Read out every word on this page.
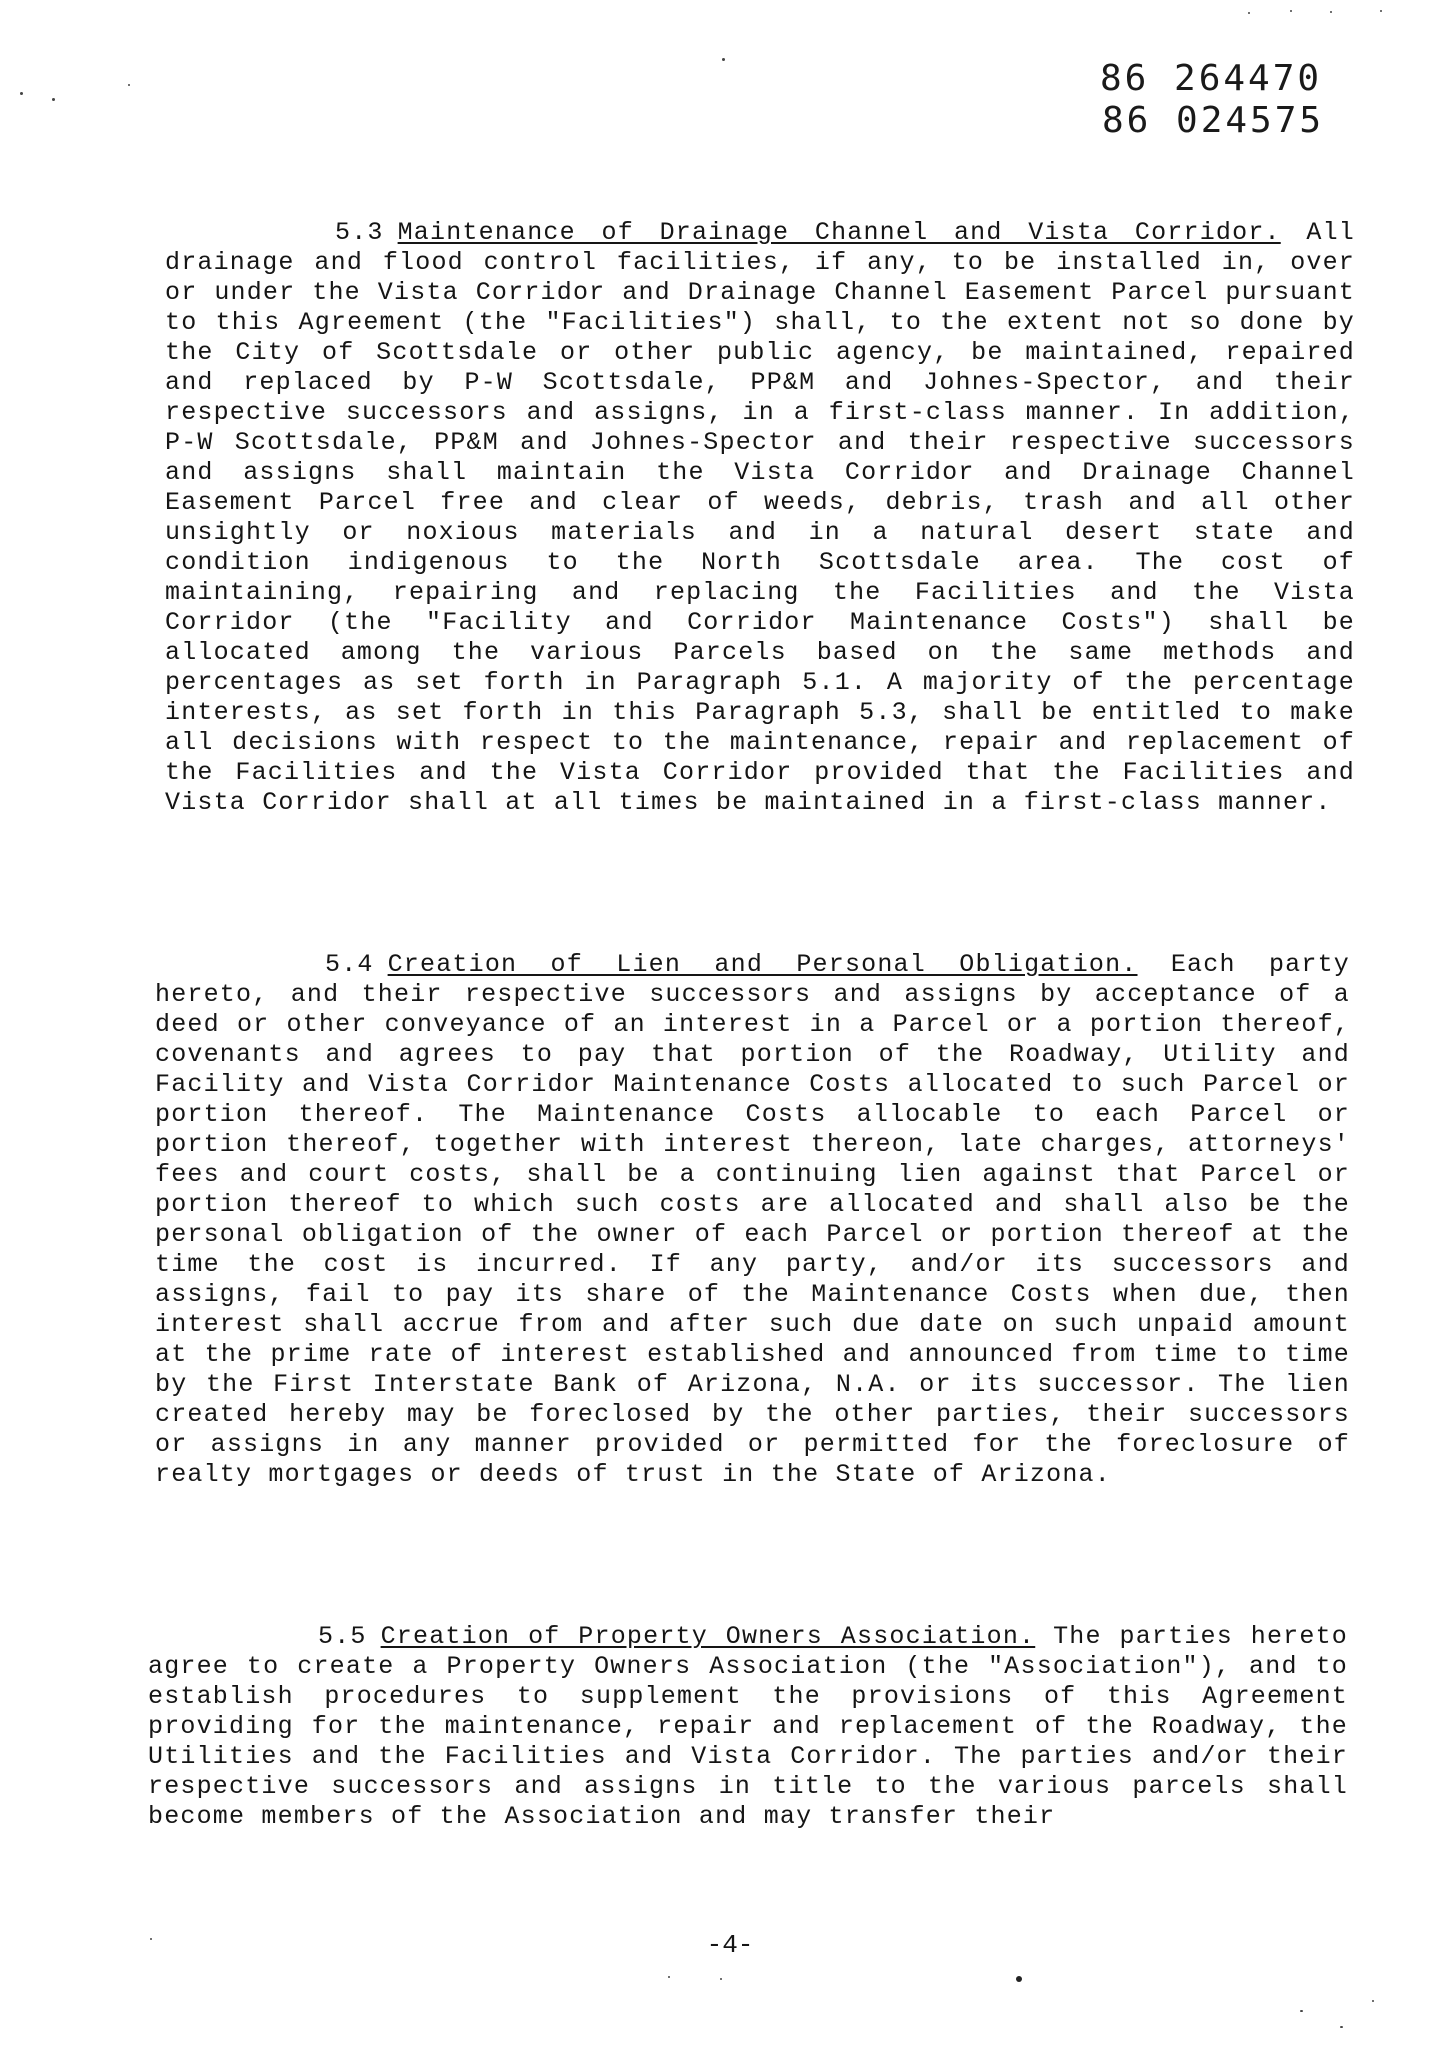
86 264470
86 024575

5.3 Maintenance of Drainage Channel and Vista Corridor. All drainage and flood control facilities, if any, to be installed in, over or under the Vista Corridor and Drainage Channel Easement Parcel pursuant to this Agreement (the "Facilities") shall, to the extent not so done by the City of Scottsdale or other public agency, be maintained, repaired and replaced by P-W Scottsdale, PP&M and Johnes-Spector, and their respective successors and assigns, in a first-class manner. In addition, P-W Scottsdale, PP&M and Johnes-Spector and their respective successors and assigns shall maintain the Vista Corridor and Drainage Channel Easement Parcel free and clear of weeds, debris, trash and all other unsightly or noxious materials and in a natural desert state and condition indigenous to the North Scottsdale area. The cost of maintaining, repairing and replacing the Facilities and the Vista Corridor (the "Facility and Corridor Maintenance Costs") shall be allocated among the various Parcels based on the same methods and percentages as set forth in Paragraph 5.1. A majority of the percentage interests, as set forth in this Paragraph 5.3, shall be entitled to make all decisions with respect to the maintenance, repair and replacement of the Facilities and the Vista Corridor provided that the Facilities and Vista Corridor shall at all times be maintained in a first-class manner.

5.4 Creation of Lien and Personal Obligation. Each party hereto, and their respective successors and assigns by acceptance of a deed or other conveyance of an interest in a Parcel or a portion thereof, covenants and agrees to pay that portion of the Roadway, Utility and Facility and Vista Corridor Maintenance Costs allocated to such Parcel or portion thereof. The Maintenance Costs allocable to each Parcel or portion thereof, together with interest thereon, late charges, attorneys' fees and court costs, shall be a continuing lien against that Parcel or portion thereof to which such costs are allocated and shall also be the personal obligation of the owner of each Parcel or portion thereof at the time the cost is incurred. If any party, and/or its successors and assigns, fail to pay its share of the Maintenance Costs when due, then interest shall accrue from and after such due date on such unpaid amount at the prime rate of interest established and announced from time to time by the First Interstate Bank of Arizona, N.A. or its successor. The lien created hereby may be foreclosed by the other parties, their successors or assigns in any manner provided or permitted for the foreclosure of realty mortgages or deeds of trust in the State of Arizona.

5.5 Creation of Property Owners Association. The parties hereto agree to create a Property Owners Association (the "Association"), and to establish procedures to supplement the provisions of this Agreement providing for the maintenance, repair and replacement of the Roadway, the Utilities and the Facilities and Vista Corridor. The parties and/or their respective successors and assigns in title to the various parcels shall become members of the Association and may transfer their

-4-
